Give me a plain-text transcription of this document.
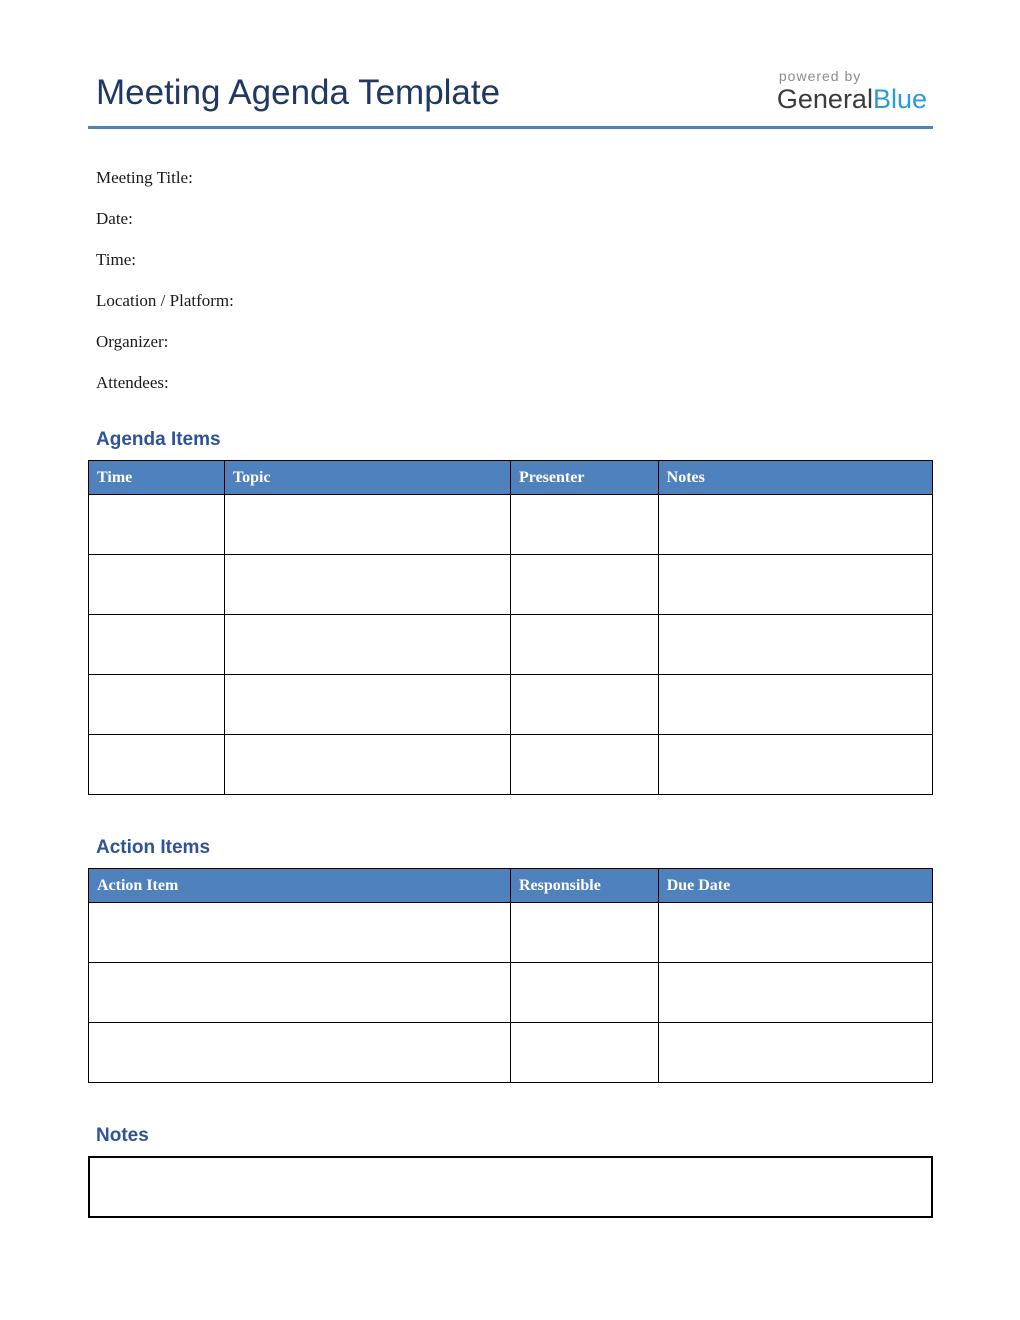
Meeting Agenda Template	powered by
GeneralBlue
Meeting Title:
Date:
Time:
Location / Platform:
Organizer:
Attendees:
Agenda Items
Time	Topic	Presenter	Notes

Action Items
Action Item	Responsible	Due Date

Notes
